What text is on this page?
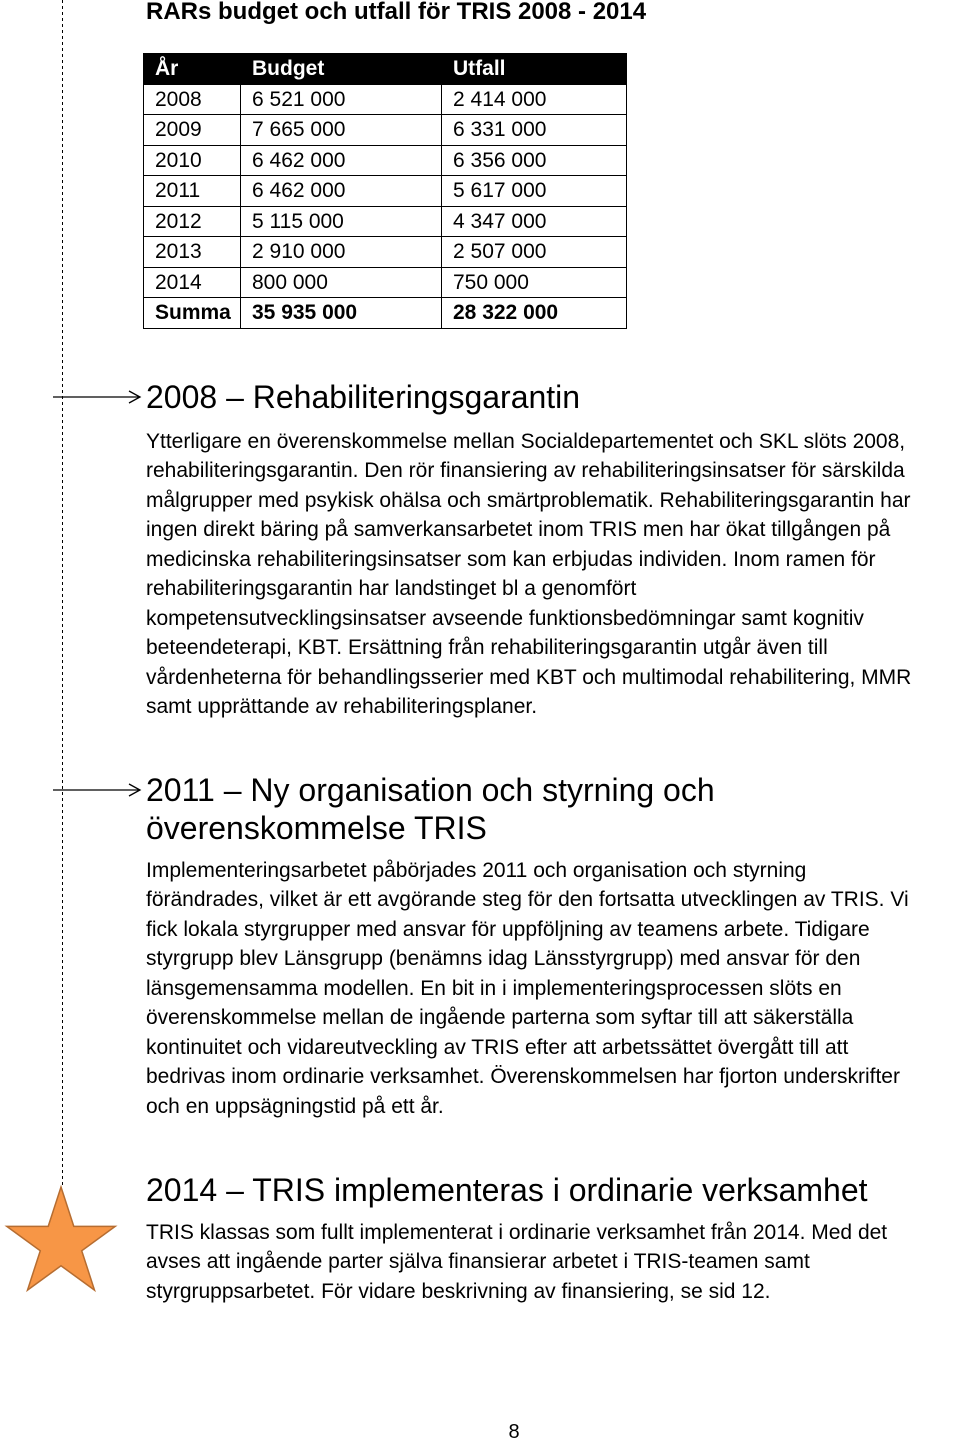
RARs budget och utfall för TRIS 2008 - 2014
År	Budget	Utfall
2008	6 521 000	2 414 000
2009	7 665 000	6 331 000
2010	6 462 000	6 356 000
2011	6 462 000	5 617 000
2012	5 115 000	4 347 000
2013	2 910 000	2 507 000
2014	800 000	750 000
Summa	35 935 000	28 322 000
2008 – Rehabiliteringsgarantin
Ytterligare en överenskommelse mellan Socialdepartementet och SKL slöts 2008,
rehabiliteringsgarantin. Den rör finansiering av rehabiliteringsinsatser för särskilda
målgrupper med psykisk ohälsa och smärtproblematik. Rehabiliteringsgarantin har
ingen direkt bäring på samverkansarbetet inom TRIS men har ökat tillgången på
medicinska rehabiliteringsinsatser som kan erbjudas individen. Inom ramen för
rehabiliteringsgarantin har landstinget bl a genomfört
kompetensutvecklingsinsatser avseende funktionsbedömningar samt kognitiv
beteendeterapi, KBT. Ersättning från rehabiliteringsgarantin utgår även till
vårdenheterna för behandlingsserier med KBT och multimodal rehabilitering, MMR
samt upprättande av rehabiliteringsplaner.
2011 – Ny organisation och styrning och överenskommelse TRIS
Implementeringsarbetet påbörjades 2011 och organisation och styrning
förändrades, vilket är ett avgörande steg för den fortsatta utvecklingen av TRIS. Vi
fick lokala styrgrupper med ansvar för uppföljning av teamens arbete. Tidigare
styrgrupp blev Länsgrupp (benämns idag Länsstyrgrupp) med ansvar för den
länsgemensamma modellen. En bit in i implementeringsprocessen slöts en
överenskommelse mellan de ingående parterna som syftar till att säkerställa
kontinuitet och vidareutveckling av TRIS efter att arbetssättet övergått till att
bedrivas inom ordinarie verksamhet. Överenskommelsen har fjorton underskrifter
och en uppsägningstid på ett år.
2014 – TRIS implementeras i ordinarie verksamhet
TRIS klassas som fullt implementerat i ordinarie verksamhet från 2014. Med det
avses att ingående parter själva finansierar arbetet i TRIS-teamen samt
styrgruppsarbetet. För vidare beskrivning av finansiering, se sid 12.
8
